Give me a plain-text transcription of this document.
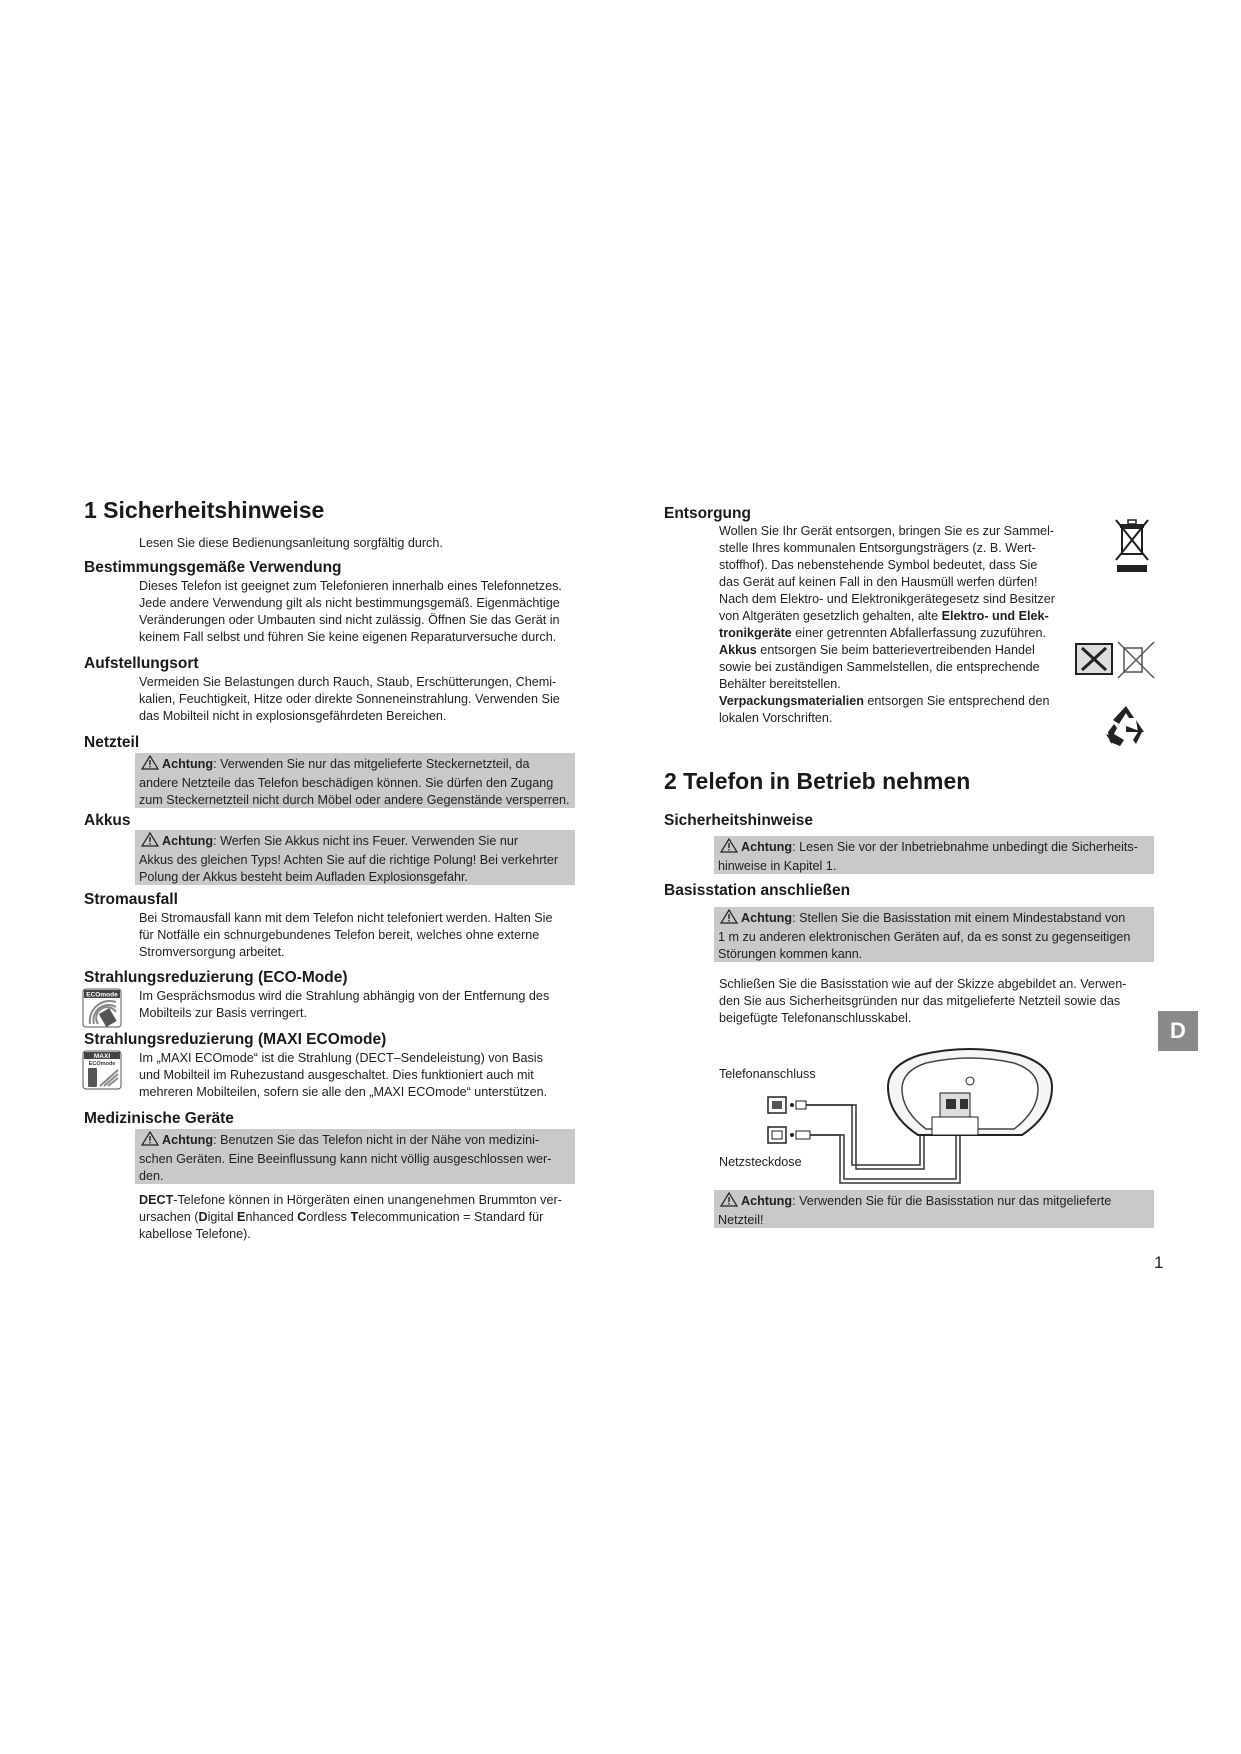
1 Sicherheitshinweise
Lesen Sie diese Bedienungsanleitung sorgfältig durch.
Bestimmungsgemäße Verwendung
Dieses Telefon ist geeignet zum Telefonieren innerhalb eines Telefonnetzes.
Jede andere Verwendung gilt als nicht bestimmungsgemäß. Eigenmächtige
Veränderungen oder Umbauten sind nicht zulässig. Öffnen Sie das Gerät in
keinem Fall selbst und führen Sie keine eigenen Reparaturversuche durch.
Aufstellungsort
Vermeiden Sie Belastungen durch Rauch, Staub, Erschütterungen, Chemi-
kalien, Feuchtigkeit, Hitze oder direkte Sonneneinstrahlung. Verwenden Sie
das Mobilteil nicht in explosionsgefährdeten Bereichen.
Netzteil
Achtung: Verwenden Sie nur das mitgelieferte Steckernetzteil, da
andere Netzteile das Telefon beschädigen können. Sie dürfen den Zugang
zum Steckernetzteil nicht durch Möbel oder andere Gegenstände versperren.
Akkus
Achtung: Werfen Sie Akkus nicht ins Feuer. Verwenden Sie nur
Akkus des gleichen Typs! Achten Sie auf die richtige Polung! Bei verkehrter
Polung der Akkus besteht beim Aufladen Explosionsgefahr.
Stromausfall
Bei Stromausfall kann mit dem Telefon nicht telefoniert werden. Halten Sie
für Notfälle ein schnurgebundenes Telefon bereit, welches ohne externe
Stromversorgung arbeitet.
Strahlungsreduzierung (ECO-Mode)
ECOmode Im Gesprächsmodus wird die Strahlung abhängig von der Entfernung des
Mobilteils zur Basis verringert.
Strahlungsreduzierung (MAXI ECOmode)
MAXI
ECOmode Im „MAXI ECOmode“ ist die Strahlung (DECT–Sendeleistung) von Basis
und Mobilteil im Ruhezustand ausgeschaltet. Dies funktioniert auch mit
mehreren Mobilteilen, sofern sie alle den „MAXI ECOmode“ unterstützen.
Medizinische Geräte
Achtung: Benutzen Sie das Telefon nicht in der Nähe von medizini-
schen Geräten. Eine Beeinflussung kann nicht völlig ausgeschlossen wer-
den.
DECT-Telefone können in Hörgeräten einen unangenehmen Brummton ver-
ursachen (Digital Enhanced Cordless Telecommunication = Standard für
kabellose Telefone).
Entsorgung
Wollen Sie Ihr Gerät entsorgen, bringen Sie es zur Sammel-
stelle Ihres kommunalen Entsorgungsträgers (z. B. Wert-
stoffhof). Das nebenstehende Symbol bedeutet, dass Sie
das Gerät auf keinen Fall in den Hausmüll werfen dürfen!
Nach dem Elektro- und Elektronikgerätegesetz sind Besitzer
von Altgeräten gesetzlich gehalten, alte Elektro- und Elek-
tronikgeräte einer getrennten Abfallerfassung zuzuführen.
Akkus entsorgen Sie beim batterievertreibenden Handel
sowie bei zuständigen Sammelstellen, die entsprechende
Behälter bereitstellen.
Verpackungsmaterialien entsorgen Sie entsprechend den
lokalen Vorschriften.
2 Telefon in Betrieb nehmen
Sicherheitshinweise
Achtung: Lesen Sie vor der Inbetriebnahme unbedingt die Sicherheits-
hinweise in Kapitel 1.
Basisstation anschließen
Achtung: Stellen Sie die Basisstation mit einem Mindestabstand von
1 m zu anderen elektronischen Geräten auf, da es sonst zu gegenseitigen
Störungen kommen kann.
Schließen Sie die Basisstation wie auf der Skizze abgebildet an. Verwen-
den Sie aus Sicherheitsgründen nur das mitgelieferte Netzteil sowie das
beigefügte Telefonanschlusskabel.
Telefonanschluss
Netzsteckdose
Achtung: Verwenden Sie für die Basisstation nur das mitgelieferte
Netzteil!
D
1
